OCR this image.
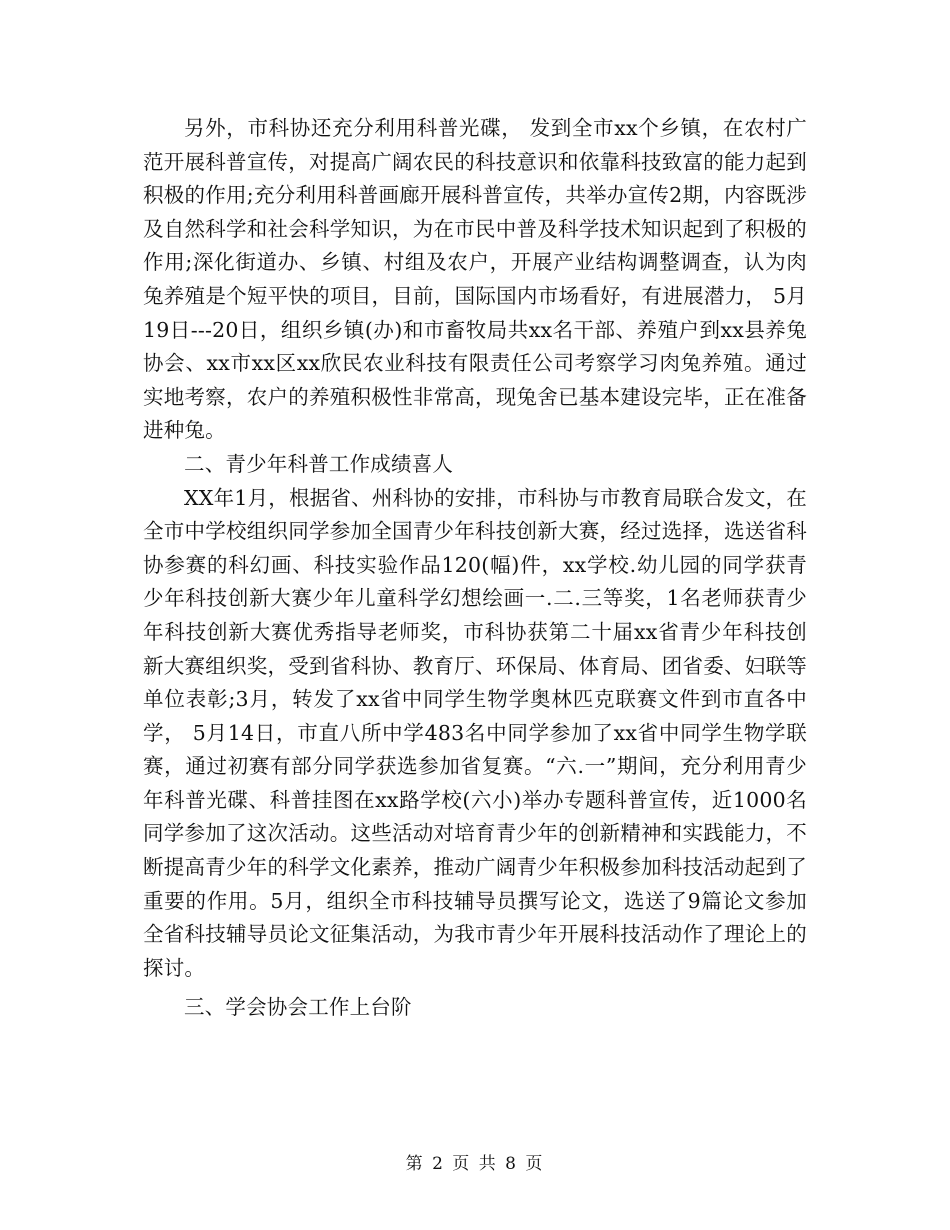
另外，市科协还充分利用科普光碟， 发到全市xx个乡镇，在农村广范开展科普宣传，对提高广阔农民的科技意识和依靠科技致富的能力起到积极的作用;充分利用科普画廊开展科普宣传，共举办宣传2期，内容既涉及自然科学和社会科学知识，为在市民中普及科学技术知识起到了积极的作用;深化街道办、乡镇、村组及农户，开展产业结构调整调查，认为肉兔养殖是个短平快的项目，目前，国际国内市场看好，有进展潜力， 5月19日---20日，组织乡镇(办)和市畜牧局共xx名干部、养殖户到xx县养兔协会、xx市xx区xx欣民农业科技有限责任公司考察学习肉兔养殖。通过实地考察，农户的养殖积极性非常高，现兔舍已基本建设完毕，正在准备进种兔。

二、青少年科普工作成绩喜人

XX年1月，根据省、州科协的安排，市科协与市教育局联合发文，在全市中学校组织同学参加全国青少年科技创新大赛，经过选择，选送省科协参赛的科幻画、科技实验作品120(幅)件，xx学校.幼儿园的同学获青少年科技创新大赛少年儿童科学幻想绘画一.二.三等奖，1名老师获青少年科技创新大赛优秀指导老师奖，市科协获第二十届xx省青少年科技创新大赛组织奖，受到省科协、教育厅、环保局、体育局、团省委、妇联等单位表彰;3月，转发了xx省中同学生物学奥林匹克联赛文件到市直各中学， 5月14日，市直八所中学483名中同学参加了xx省中同学生物学联赛，通过初赛有部分同学获选参加省复赛。“六.一”期间，充分利用青少年科普光碟、科普挂图在xx路学校(六小)举办专题科普宣传，近1000名同学参加了这次活动。这些活动对培育青少年的创新精神和实践能力，不断提高青少年的科学文化素养，推动广阔青少年积极参加科技活动起到了重要的作用。5月，组织全市科技辅导员撰写论文，选送了9篇论文参加全省科技辅导员论文征集活动，为我市青少年开展科技活动作了理论上的探讨。

三、学会协会工作上台阶

第 2 页 共 8 页
